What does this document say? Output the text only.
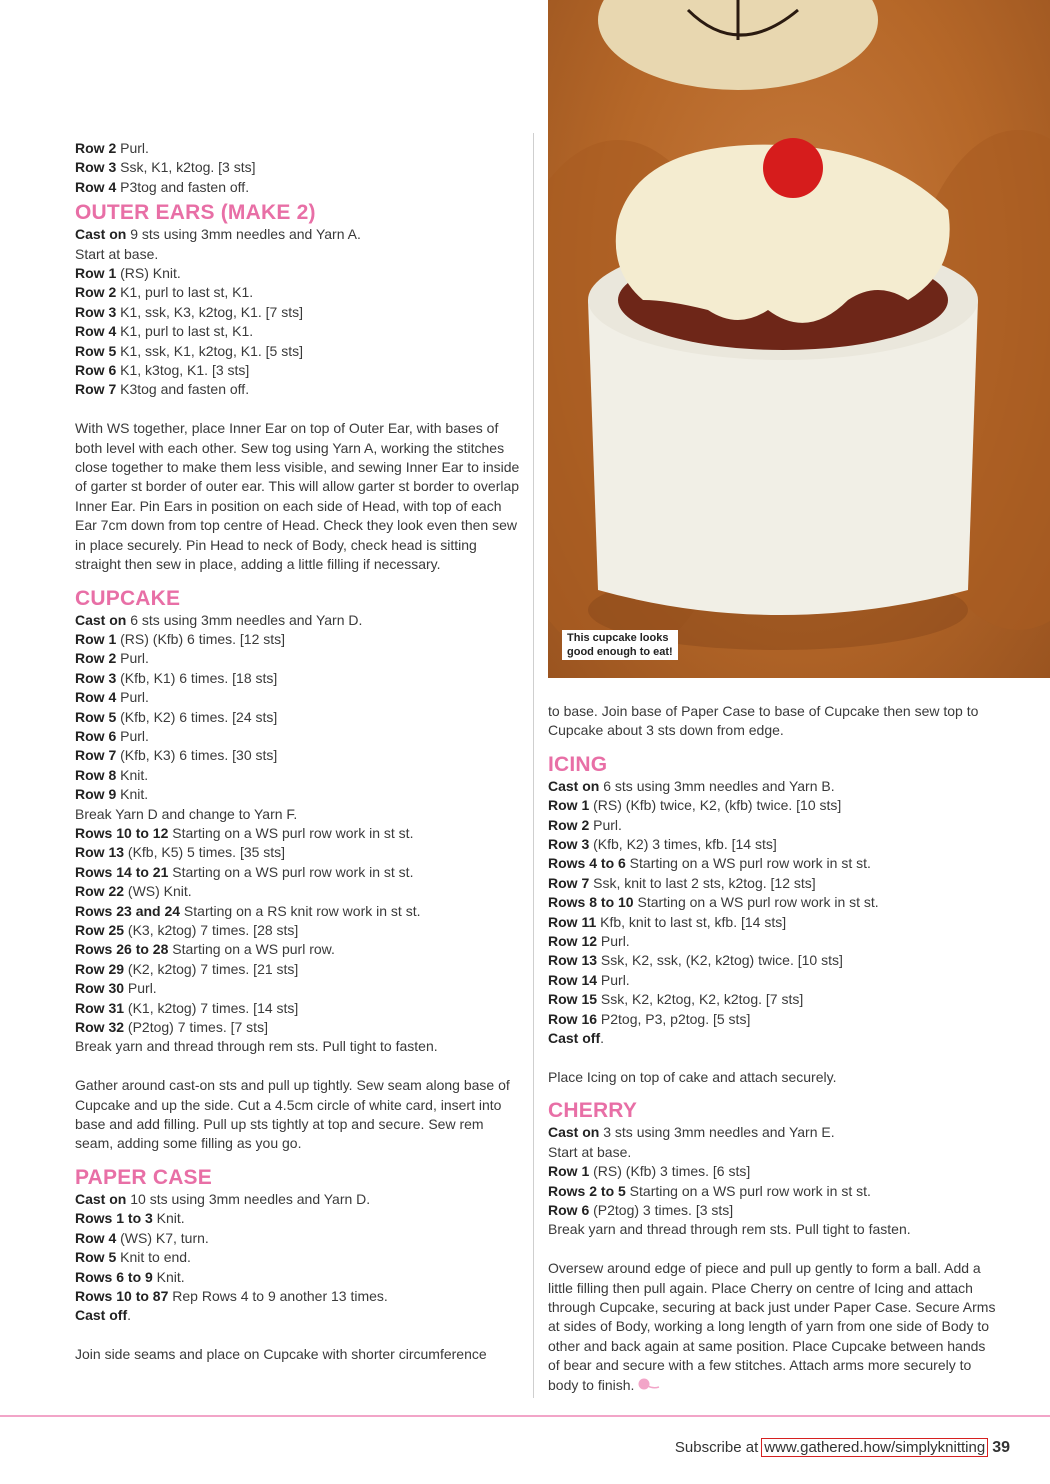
This cupcake looks
good enough to eat!

Row 2 Purl.

Row 3 Ssk, K1, k2tog. [3 sts]

Row 4 P3tog and fasten off.

OUTER EARS (MAKE 2)

Cast on 9 sts using 3mm needles and Yarn A.

Start at base.

Row 1 (RS) Knit.

Row 2 K1, purl to last st, K1.

Row 3 K1, ssk, K3, k2tog, K1. [7 sts]

Row 4 K1, purl to last st, K1.

Row 5 K1, ssk, K1, k2tog, K1. [5 sts]

Row 6 K1, k3tog, K1. [3 sts]

Row 7 K3tog and fasten off.

With WS together, place Inner Ear on top of Outer Ear, with bases of both level with each other. Sew tog using Yarn A, working the stitches close together to make them less visible, and sewing Inner Ear to inside of garter st border of outer ear. This will allow garter st border to overlap Inner Ear. Pin Ears in position on each side of Head, with top of each Ear 7cm down from top centre of Head. Check they look even then sew in place securely. Pin Head to neck of Body, check head is sitting straight then sew in place, adding a little filling if necessary.

CUPCAKE

Cast on 6 sts using 3mm needles and Yarn D.

Row 1 (RS) (Kfb) 6 times. [12 sts]

Row 2 Purl.

Row 3 (Kfb, K1) 6 times. [18 sts]

Row 4 Purl.

Row 5 (Kfb, K2) 6 times. [24 sts]

Row 6 Purl.

Row 7 (Kfb, K3) 6 times. [30 sts]

Row 8 Knit.

Row 9 Knit.

Break Yarn D and change to Yarn F.

Rows 10 to 12 Starting on a WS purl row work in st st.

Row 13 (Kfb, K5) 5 times. [35 sts]

Rows 14 to 21 Starting on a WS purl row work in st st.

Row 22 (WS) Knit.

Rows 23 and 24 Starting on a RS knit row work in st st.

Row 25 (K3, k2tog) 7 times. [28 sts]

Rows 26 to 28 Starting on a WS purl row.

Row 29 (K2, k2tog) 7 times. [21 sts]

Row 30 Purl.

Row 31 (K1, k2tog) 7 times. [14 sts]

Row 32 (P2tog) 7 times. [7 sts]

Break yarn and thread through rem sts. Pull tight to fasten.

Gather around cast-on sts and pull up tightly. Sew seam along base of Cupcake and up the side. Cut a 4.5cm circle of white card, insert into base and add filling. Pull up sts tightly at top and secure. Sew rem seam, adding some filling as you go.

PAPER CASE

Cast on 10 sts using 3mm needles and Yarn D.

Rows 1 to 3 Knit.

Row 4 (WS) K7, turn.

Row 5 Knit to end.

Rows 6 to 9 Knit.

Rows 10 to 87 Rep Rows 4 to 9 another 13 times.

Cast off.

Join side seams and place on Cupcake with shorter circumference

to base. Join base of Paper Case to base of Cupcake then sew top to Cupcake about 3 sts down from edge.

ICING

Cast on 6 sts using 3mm needles and Yarn B.

Row 1 (RS) (Kfb) twice, K2, (kfb) twice. [10 sts]

Row 2 Purl.

Row 3 (Kfb, K2) 3 times, kfb. [14 sts]

Rows 4 to 6 Starting on a WS purl row work in st st.

Row 7 Ssk, knit to last 2 sts, k2tog. [12 sts]

Rows 8 to 10 Starting on a WS purl row work in st st.

Row 11 Kfb, knit to last st, kfb. [14 sts]

Row 12 Purl.

Row 13 Ssk, K2, ssk, (K2, k2tog) twice. [10 sts]

Row 14 Purl.

Row 15 Ssk, K2, k2tog, K2, k2tog. [7 sts]

Row 16 P2tog, P3, p2tog. [5 sts]

Cast off.

Place Icing on top of cake and attach securely.

CHERRY

Cast on 3 sts using 3mm needles and Yarn E.

Start at base.

Row 1 (RS) (Kfb) 3 times. [6 sts]

Rows 2 to 5 Starting on a WS purl row work in st st.

Row 6 (P2tog) 3 times. [3 sts]

Break yarn and thread through rem sts. Pull tight to fasten.

Oversew around edge of piece and pull up gently to form a ball. Add a little filling then pull again. Place Cherry on centre of Icing and attach through Cupcake, securing at back just under Paper Case. Secure Arms at sides of Body, working a long length of yarn from one side of Body to other and back again at same position. Place Cupcake between hands of bear and secure with a few stitches. Attach arms more securely to body to finish.

Subscribe at www.gathered.how/simplyknitting 39
